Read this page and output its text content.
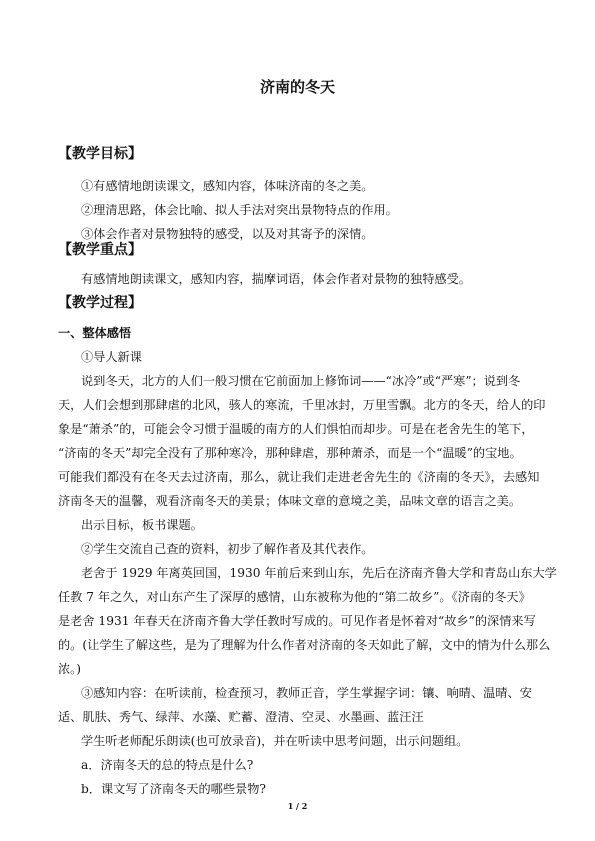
济南的冬天
【教学目标】
①有感情地朗读课文，感知内容，体味济南的冬之美。
②理清思路，体会比喻、拟人手法对突出景物特点的作用。
③体会作者对景物独特的感受，以及对其寄予的深情。
【教学重点】
有感情地朗读课文，感知内容，揣摩词语，体会作者对景物的独特感受。
【教学过程】
一、整体感悟
①导人新课
说到冬天，北方的人们一般习惯在它前面加上修饰词——“冰冷”或“严寒”；说到冬
天，人们会想到那肆虐的北风，骇人的寒流，千里冰封，万里雪飘。北方的冬天，给人的印
象是“萧杀”的，可能会令习惯于温暖的南方的人们惧怕而却步。可是在老舍先生的笔下，
“济南的冬天”却完全没有了那种寒冷，那种肆虐，那种萧杀，而是一个“温暖”的宝地。
可能我们都没有在冬天去过济南，那么，就让我们走进老舍先生的《济南的冬天》，去感知
济南冬天的温馨，观看济南冬天的美景；体味文章的意境之美，品味文章的语言之美。
出示目标，板书课题。
②学生交流自己查的资料，初步了解作者及其代表作。
老舍于 1929 年离英回国，1930 年前后来到山东，先后在济南齐鲁大学和青岛山东大学
任教 7 年之久，对山东产生了深厚的感情，山东被称为他的“第二故乡”。《济南的冬天》
是老舍 1931 年春天在济南齐鲁大学任教时写成的。可见作者是怀着对“故乡”的深情来写
的。(让学生了解这些，是为了理解为什么作者对济南的冬天如此了解，文中的情为什么那么
浓。)
③感知内容：在听读前，检查预习，教师正音，学生掌握字词：镶、响晴、温晴、安
适、肌肤、秀气、绿萍、水藻、贮蓄、澄清、空灵、水墨画、蓝汪汪
学生听老师配乐朗读(也可放录音)，并在听读中思考问题，出示问题组。
a．济南冬天的总的特点是什么?
b．课文写了济南冬天的哪些景物?
1 / 2
